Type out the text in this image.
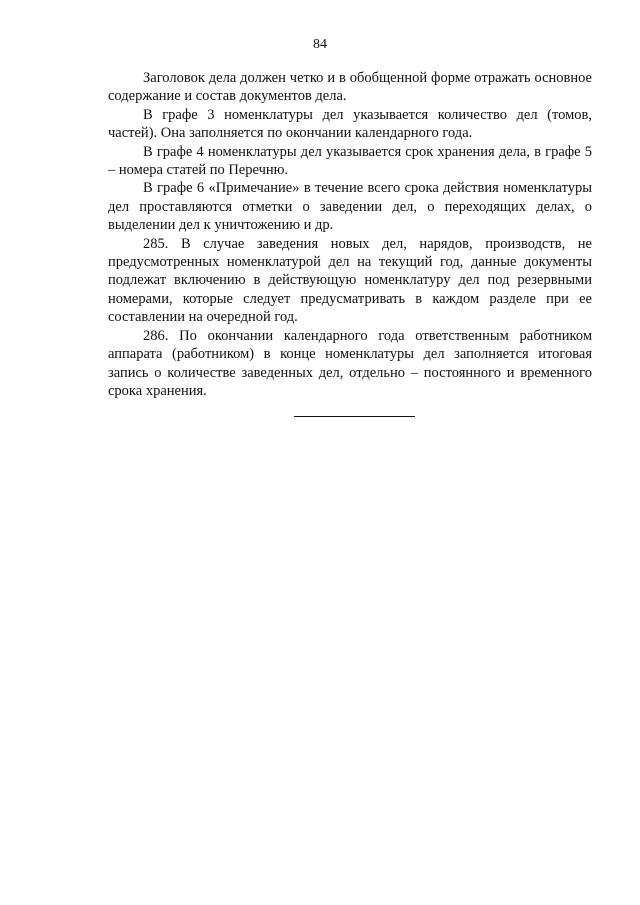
84

Заголовок дела должен четко и в обобщенной форме отражать основное содержание и состав документов дела.

В графе 3 номенклатуры дел указывается количество дел (томов, частей). Она заполняется по окончании календарного года.

В графе 4 номенклатуры дел указывается срок хранения дела, в графе 5 – номера статей по Перечню.

В графе 6 «Примечание» в течение всего срока действия номенклатуры дел проставляются отметки о заведении дел, о переходящих делах, о выделении дел к уничтожению и др.

285. В случае заведения новых дел, нарядов, производств, не предусмотренных номенклатурой дел на текущий год, данные документы подлежат включению в действующую номенклатуру дел под резервными номерами, которые следует предусматривать в каждом разделе при ее составлении на очередной год.

286. По окончании календарного года ответственным работником аппарата (работником) в конце номенклатуры дел заполняется итоговая запись о количестве заведенных дел, отдельно – постоянного и временного срока хранения.
